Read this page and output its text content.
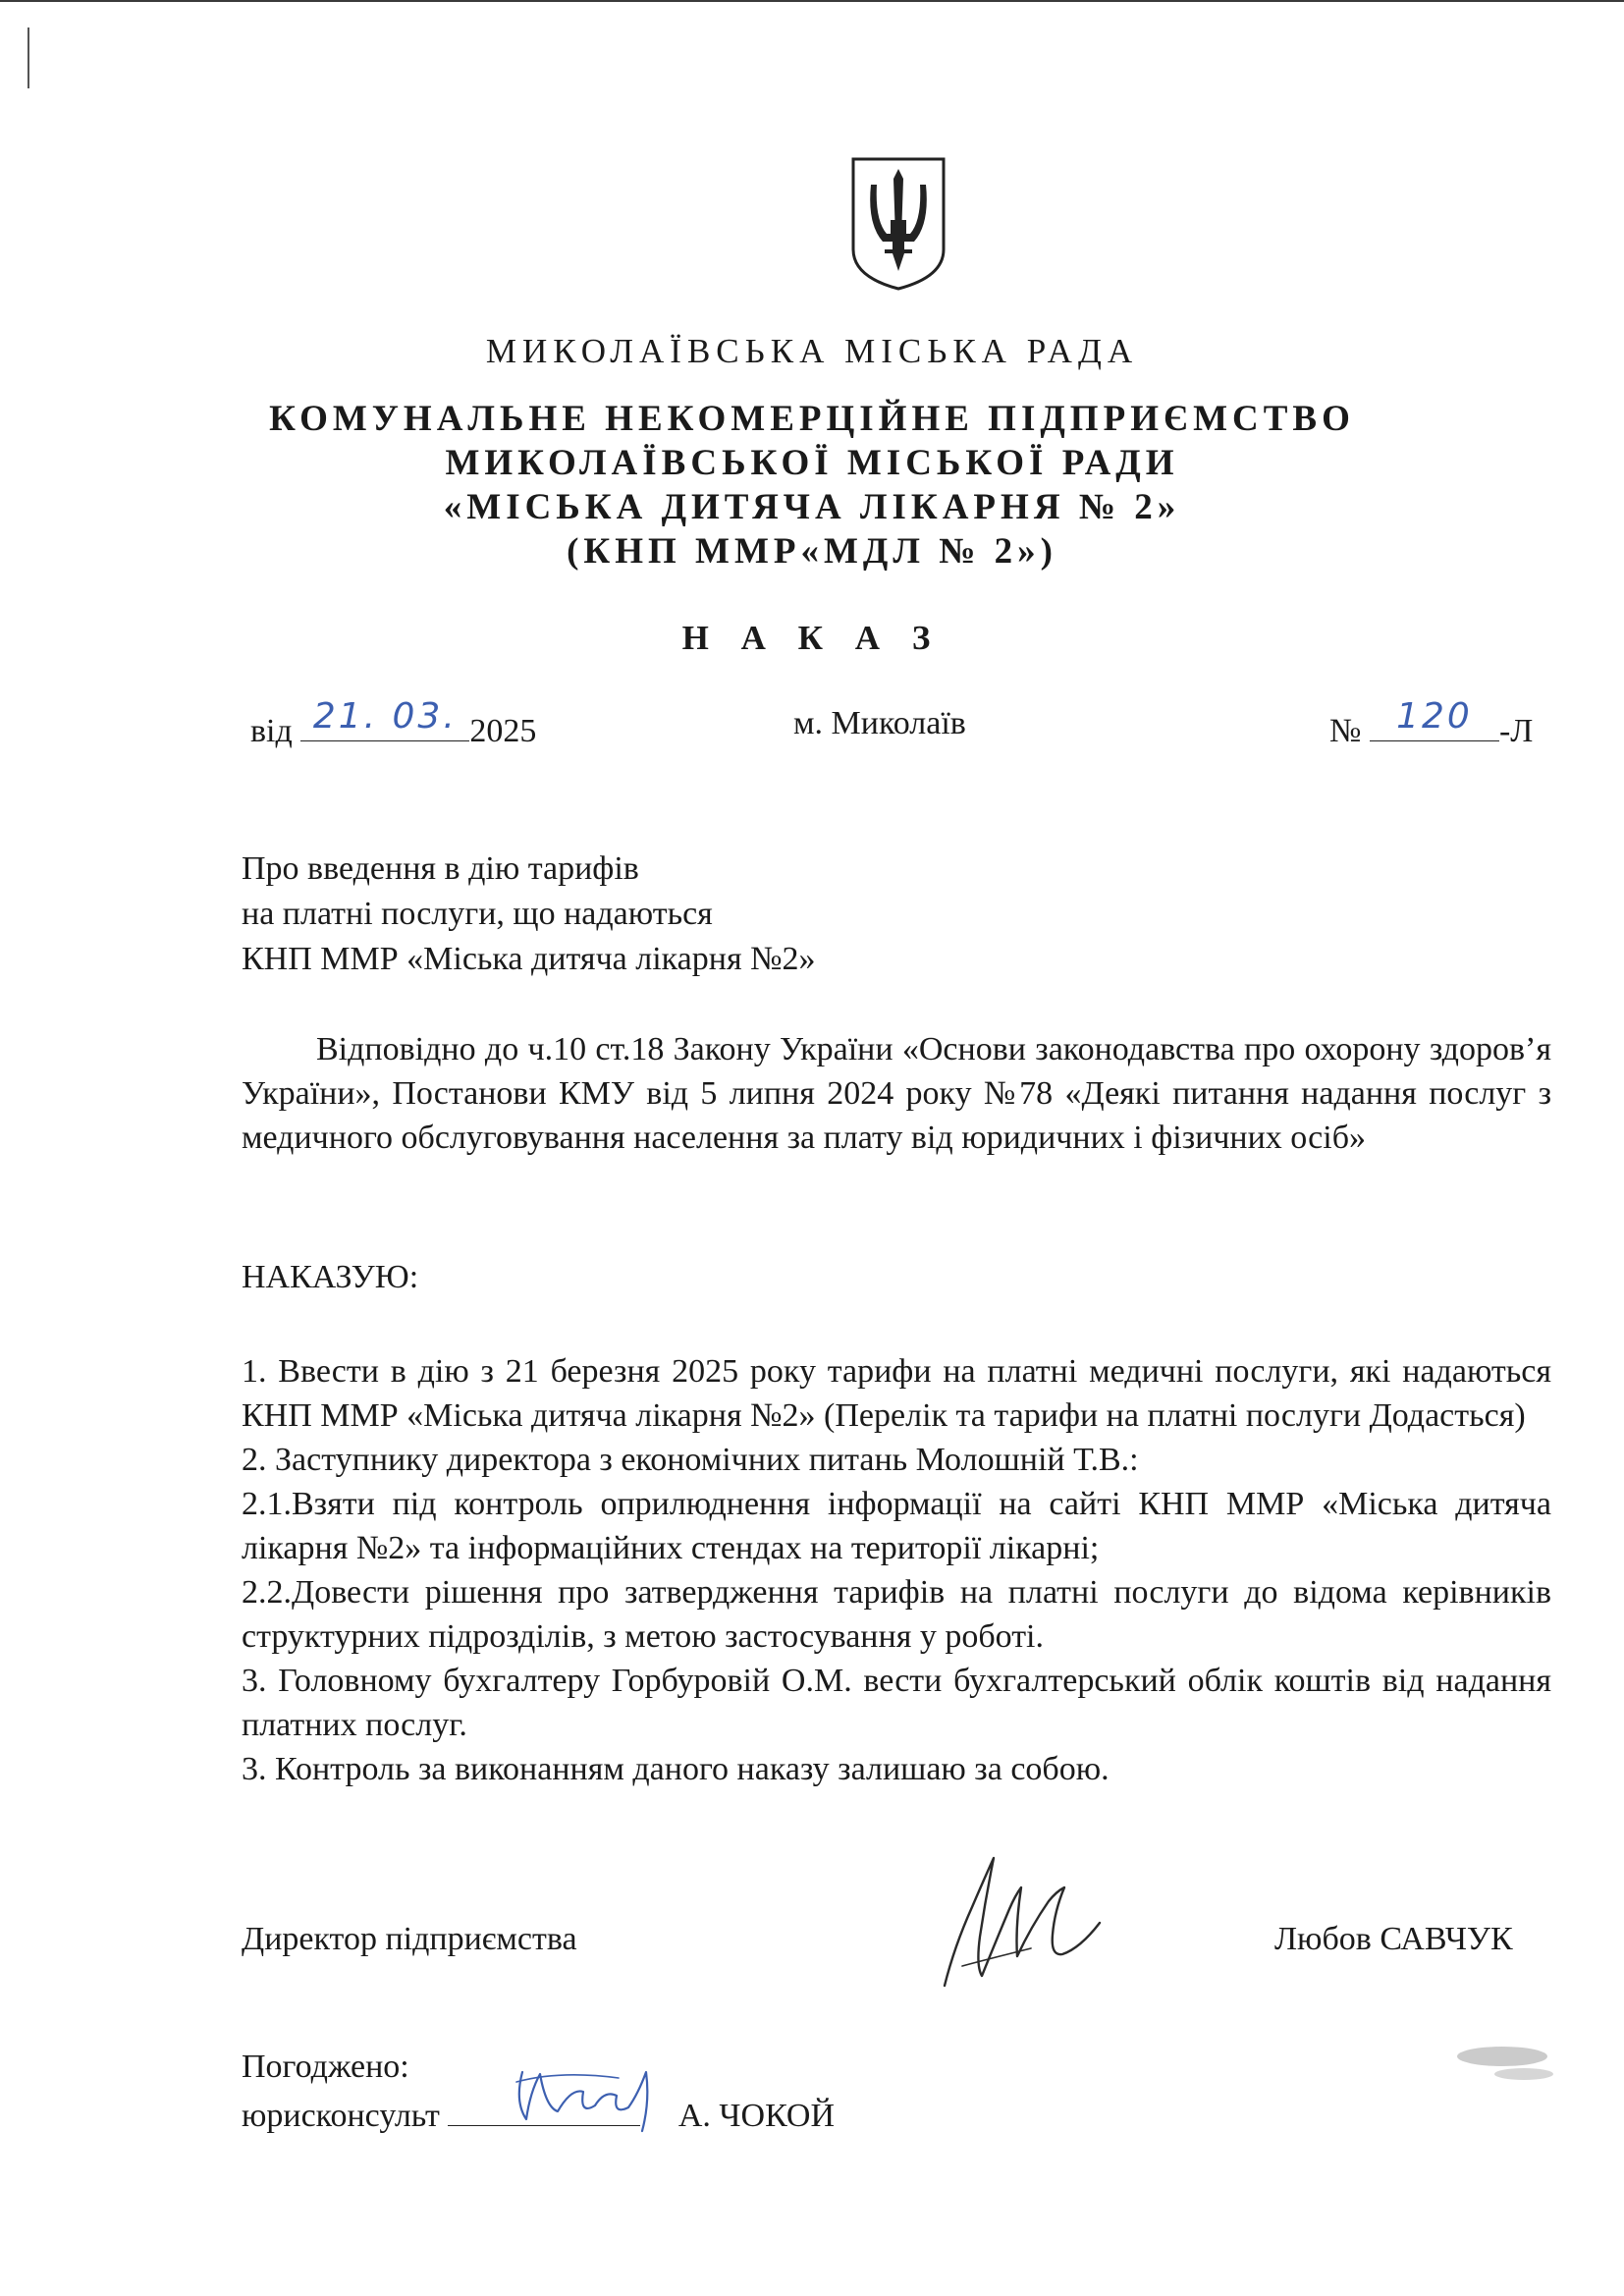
МИКОЛАЇВСЬКА МІСЬКА РАДА
КОМУНАЛЬНЕ НЕКОМЕРЦІЙНЕ ПІДПРИЄМСТВО
МИКОЛАЇВСЬКОЇ МІСЬКОЇ РАДИ
«МІСЬКА ДИТЯЧА ЛІКАРНЯ № 2»
(КНП ММР«МДЛ № 2»)
Н А К А З
від 21. 03. 2025	м. Миколаїв	№ 120 -Л
Про введення в дію тарифів
на платні послуги, що надаються
КНП ММР «Міська дитяча лікарня №2»
Відповідно до ч.10 ст.18 Закону України «Основи законодавства про охорону здоров’я України», Постанови КМУ від 5 липня 2024 року №78 «Деякі питання надання послуг з медичного обслуговування населення за плату від юридичних і фізичних осіб»
НАКАЗУЮ:

1. Ввести в дію з 21 березня 2025 року тарифи на платні медичні послуги, які надаються КНП ММР «Міська дитяча лікарня №2» (Перелік та тарифи на платні послуги Додасться)

2. Заступнику директора з економічних питань Молошній Т.В.:

2.1.Взяти під контроль оприлюднення інформації на сайті КНП ММР «Міська дитяча лікарня №2» та інформаційних стендах на території лікарні;

2.2.Довести рішення про затвердження тарифів на платні послуги до відома керівників структурних підрозділів, з метою застосування у роботі.

3. Головному бухгалтеру Горбуровій О.М. вести бухгалтерський облік коштів від надання платних послуг.

3. Контроль за виконанням даного наказу залишаю за собою.

Директор підприємства	Любов САВЧУК
Погоджено:
юрисконсульт	А. ЧОКОЙ
